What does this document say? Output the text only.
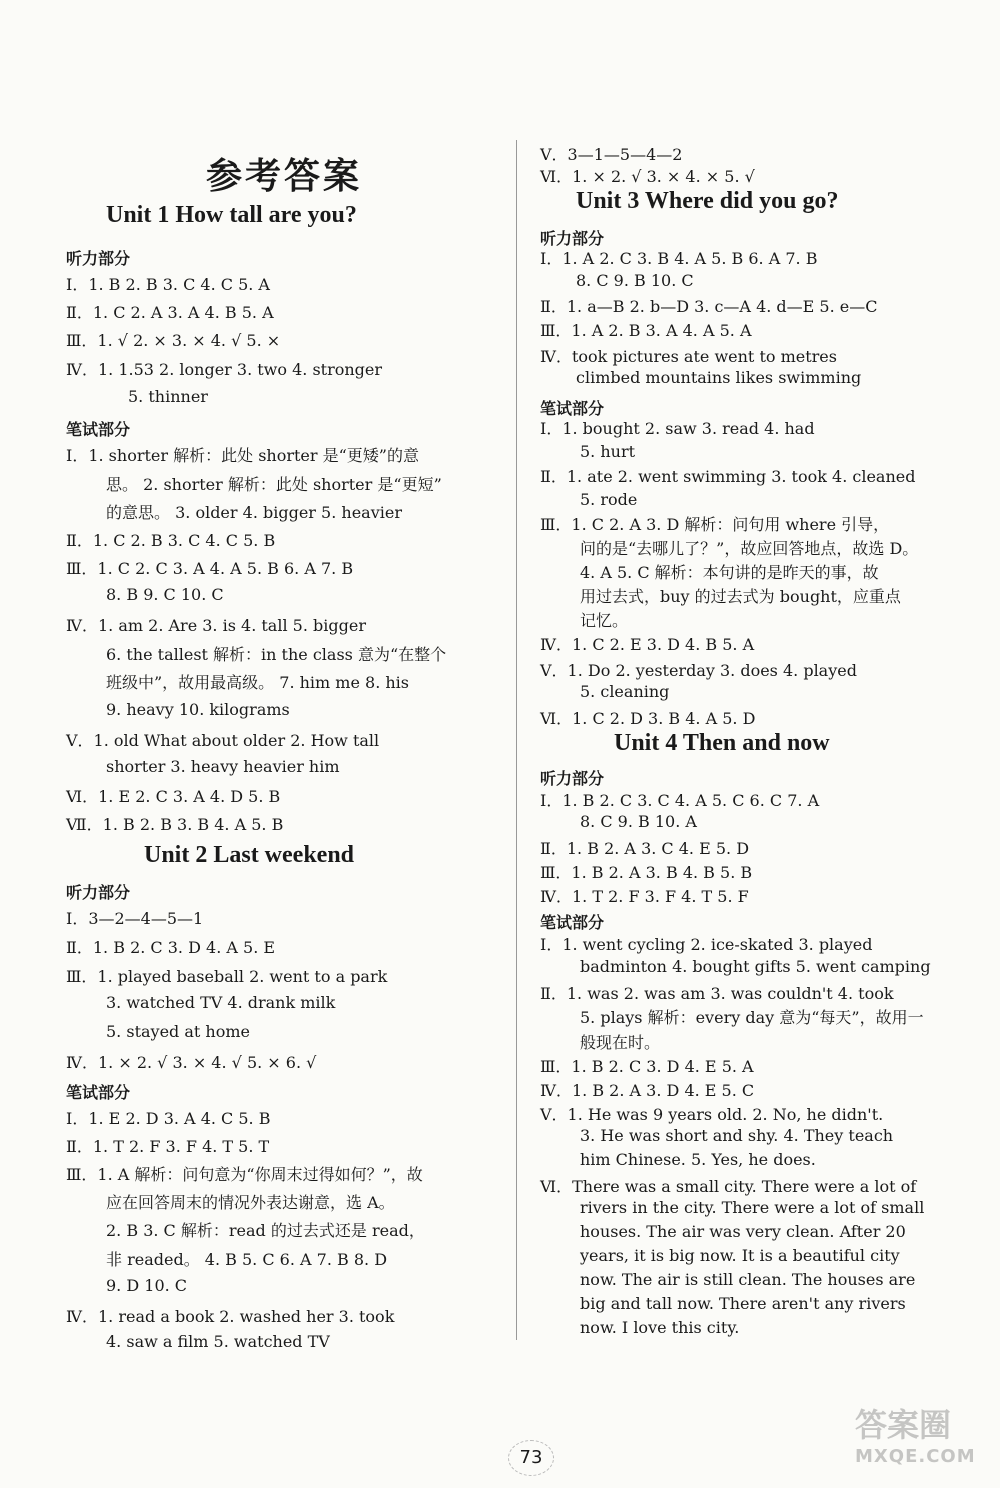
参考答案
Unit 1 How tall are you?
听力部分
Ⅰ．1. B 2. B 3. C 4. C 5. A
Ⅱ．1. C 2. A 3. A 4. B 5. A
Ⅲ．1. √ 2. × 3. × 4. √ 5. ×
Ⅳ．1. 1.53 2. longer 3. two 4. stronger
5. thinner
笔试部分
Ⅰ．1. shorter 解析：此处 shorter 是“更矮”的意
思。 2. shorter 解析：此处 shorter 是“更短”
的意思。 3. older 4. bigger 5. heavier
Ⅱ．1. C 2. B 3. C 4. C 5. B
Ⅲ．1. C 2. C 3. A 4. A 5. B 6. A 7. B
8. B 9. C 10. C
Ⅳ．1. am 2. Are 3. is 4. tall 5. bigger
6. the tallest 解析：in the class 意为“在整个
班级中”，故用最高级。 7. him me 8. his
9. heavy 10. kilograms
Ⅴ．1. old What about older 2. How tall
shorter 3. heavy heavier him
Ⅵ．1. E 2. C 3. A 4. D 5. B
Ⅶ．1. B 2. B 3. B 4. A 5. B
Unit 2 Last weekend
听力部分
Ⅰ．3—2—4—5—1
Ⅱ．1. B 2. C 3. D 4. A 5. E
Ⅲ．1. played baseball 2. went to a park
3. watched TV 4. drank milk
5. stayed at home
Ⅳ．1. × 2. √ 3. × 4. √ 5. × 6. √
笔试部分
Ⅰ．1. E 2. D 3. A 4. C 5. B
Ⅱ．1. T 2. F 3. F 4. T 5. T
Ⅲ．1. A 解析：问句意为“你周末过得如何？”，故
应在回答周末的情况外表达谢意，选 A。
2. B 3. C 解析：read 的过去式还是 read，
非 readed。 4. B 5. C 6. A 7. B 8. D
9. D 10. C
Ⅳ．1. read a book 2. washed her 3. took
4. saw a film 5. watched TV
Ⅴ．3—1—5—4—2
Ⅵ．1. × 2. √ 3. × 4. × 5. √
Unit 3 Where did you go?
听力部分
Ⅰ．1. A 2. C 3. B 4. A 5. B 6. A 7. B
8. C 9. B 10. C
Ⅱ．1. a—B 2. b—D 3. c—A 4. d—E 5. e—C
Ⅲ．1. A 2. B 3. A 4. A 5. A
Ⅳ．took pictures ate went to metres
climbed mountains likes swimming
笔试部分
Ⅰ．1. bought 2. saw 3. read 4. had
5. hurt
Ⅱ．1. ate 2. went swimming 3. took 4. cleaned
5. rode
Ⅲ．1. C 2. A 3. D 解析：问句用 where 引导，
问的是“去哪儿了？”，故应回答地点，故选 D。
4. A 5. C 解析：本句讲的是昨天的事，故
用过去式，buy 的过去式为 bought，应重点
记忆。
Ⅳ．1. C 2. E 3. D 4. B 5. A
Ⅴ．1. Do 2. yesterday 3. does 4. played
5. cleaning
Ⅵ．1. C 2. D 3. B 4. A 5. D
Unit 4 Then and now
听力部分
Ⅰ．1. B 2. C 3. C 4. A 5. C 6. C 7. A
8. C 9. B 10. A
Ⅱ．1. B 2. A 3. C 4. E 5. D
Ⅲ．1. B 2. A 3. B 4. B 5. B
Ⅳ．1. T 2. F 3. F 4. T 5. F
笔试部分
Ⅰ．1. went cycling 2. ice-skated 3. played
badminton 4. bought gifts 5. went camping
Ⅱ．1. was 2. was am 3. was couldn't 4. took
5. plays 解析：every day 意为“每天”，故用一
般现在时。
Ⅲ．1. B 2. C 3. D 4. E 5. A
Ⅳ．1. B 2. A 3. D 4. E 5. C
Ⅴ．1. He was 9 years old. 2. No, he didn't.
3. He was short and shy. 4. They teach
him Chinese. 5. Yes, he does.
Ⅵ．There was a small city. There were a lot of
rivers in the city. There were a lot of small
houses. The air was very clean. After 20
years, it is big now. It is a beautiful city
now. The air is still clean. The houses are
big and tall now. There aren't any rivers
now. I love this city.
73
答案圈
MXQE.COM
